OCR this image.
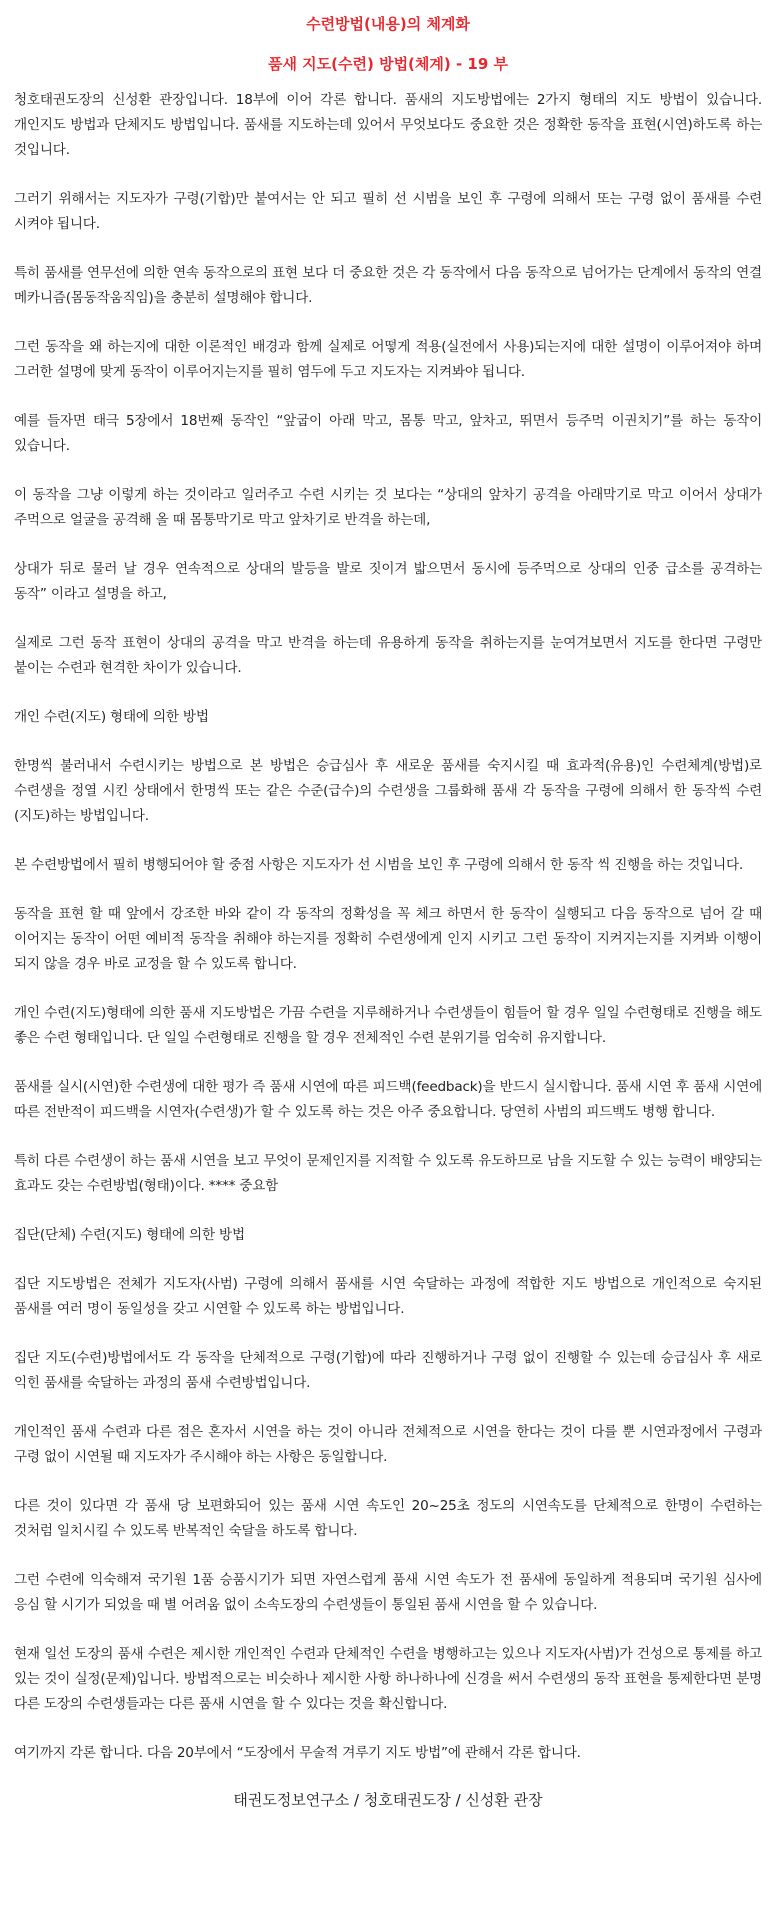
수련방법(내용)의 체계화
품새 지도(수련) 방법(체계) - 19 부

청호태권도장의 신성환 관장입니다. 18부에 이어 각론 합니다. 품새의 지도방법에는 2가지 형태의 지도 방법이 있습니다. 개인지도 방법과 단체지도 방법입니다. 품새를 지도하는데 있어서 무엇보다도 중요한 것은 정확한 동작을 표현(시연)하도록 하는 것입니다.

그러기 위해서는 지도자가 구령(기합)만 붙여서는 안 되고 필히 선 시범을 보인 후 구령에 의해서 또는 구령 없이 품새를 수련 시켜야 됩니다.

특히 품새를 연무선에 의한 연속 동작으로의 표현 보다 더 중요한 것은 각 동작에서 다음 동작으로 넘어가는 단계에서 동작의 연결 메카니즘(몸동작움직임)을 충분히 설명해야 합니다.

그런 동작을 왜 하는지에 대한 이론적인 배경과 함께 실제로 어떻게 적용(실전에서 사용)되는지에 대한 설명이 이루어져야 하며 그러한 설명에 맞게 동작이 이루어지는지를 필히 염두에 두고 지도자는 지켜봐야 됩니다.

예를 들자면 태극 5장에서 18번째 동작인 “앞굽이 아래 막고, 몸통 막고, 앞차고, 뛰면서 등주먹 이권치기”를 하는 동작이 있습니다.

이 동작을 그냥 이렇게 하는 것이라고 일러주고 수련 시키는 것 보다는 “상대의 앞차기 공격을 아래막기로 막고 이어서 상대가 주먹으로 얼굴을 공격해 올 때 몸통막기로 막고 앞차기로 반격을 하는데,

상대가 뒤로 물러 날 경우 연속적으로 상대의 발등을 발로 짓이겨 밟으면서 동시에 등주먹으로 상대의 인중 급소를 공격하는 동작” 이라고 설명을 하고,

실제로 그런 동작 표현이 상대의 공격을 막고 반격을 하는데 유용하게 동작을 취하는지를 눈여겨보면서 지도를 한다면 구령만 붙이는 수련과 현격한 차이가 있습니다.

개인 수련(지도) 형태에 의한 방법

한명씩 불러내서 수련시키는 방법으로 본 방법은 승급심사 후 새로운 품새를 숙지시킬 때 효과적(유용)인 수련체계(방법)로 수련생을 정열 시킨 상태에서 한명씩 또는 같은 수준(급수)의 수련생을 그룹화해 품새 각 동작을 구령에 의해서 한 동작씩 수련(지도)하는 방법입니다.

본 수련방법에서 필히 병행되어야 할 중점 사항은 지도자가 선 시범을 보인 후 구령에 의해서 한 동작 씩 진행을 하는 것입니다.

동작을 표현 할 때 앞에서 강조한 바와 같이 각 동작의 정확성을 꼭 체크 하면서 한 동작이 실행되고 다음 동작으로 넘어 갈 때 이어지는 동작이 어떤 예비적 동작을 취해야 하는지를 정확히 수련생에게 인지 시키고 그런 동작이 지켜지는지를 지켜봐 이행이 되지 않을 경우 바로 교정을 할 수 있도록 합니다.

개인 수련(지도)형태에 의한 품새 지도방법은 가끔 수련을 지루해하거나 수련생들이 힘들어 할 경우 일일 수련형태로 진행을 해도 좋은 수련 형태입니다. 단 일일 수련형태로 진행을 할 경우 전체적인 수련 분위기를 엄숙히 유지합니다.

품새를 실시(시연)한 수련생에 대한 평가 즉 품새 시연에 따른 피드백(feedback)을 반드시 실시합니다. 품새 시연 후 품새 시연에 따른 전반적이 피드백을 시연자(수련생)가 할 수 있도록 하는 것은 아주 중요합니다. 당연히 사범의 피드백도 병행 합니다.

특히 다른 수련생이 하는 품새 시연을 보고 무엇이 문제인지를 지적할 수 있도록 유도하므로 남을 지도할 수 있는 능력이 배양되는 효과도 갖는 수련방법(형태)이다. **** 중요함

집단(단체) 수련(지도) 형태에 의한 방법

집단 지도방법은 전체가 지도자(사범) 구령에 의해서 품새를 시연 숙달하는 과정에 적합한 지도 방법으로 개인적으로 숙지된 품새를 여러 명이 동일성을 갖고 시연할 수 있도록 하는 방법입니다.

집단 지도(수련)방법에서도 각 동작을 단체적으로 구령(기합)에 따라 진행하거나 구령 없이 진행할 수 있는데 승급심사 후 새로 익힌 품새를 숙달하는 과정의 품새 수련방법입니다.

개인적인 품새 수련과 다른 점은 혼자서 시연을 하는 것이 아니라 전체적으로 시연을 한다는 것이 다를 뿐 시연과정에서 구령과 구령 없이 시연될 때 지도자가 주시해야 하는 사항은 동일합니다.

다른 것이 있다면 각 품새 당 보편화되어 있는 품새 시연 속도인 20~25초 정도의 시연속도를 단체적으로 한명이 수련하는 것처럼 일치시킬 수 있도록 반복적인 숙달을 하도록 합니다.

그런 수련에 익숙해져 국기원 1품 승품시기가 되면 자연스럽게 품새 시연 속도가 전 품새에 동일하게 적용되며 국기원 심사에 응심 할 시기가 되었을 때 별 어려움 없이 소속도장의 수련생들이 통일된 품새 시연을 할 수 있습니다.

현재 일선 도장의 품새 수련은 제시한 개인적인 수련과 단체적인 수련을 병행하고는 있으나 지도자(사범)가 건성으로 통제를 하고 있는 것이 실정(문제)입니다. 방법적으로는 비슷하나 제시한 사항 하나하나에 신경을 써서 수련생의 동작 표현을 통제한다면 분명 다른 도장의 수련생들과는 다른 품새 시연을 할 수 있다는 것을 확신합니다.

여기까지 각론 합니다. 다음 20부에서 “도장에서 무술적 겨루기 지도 방법”에 관해서 각론 합니다.

태권도정보연구소 / 청호태권도장 / 신성환 관장
